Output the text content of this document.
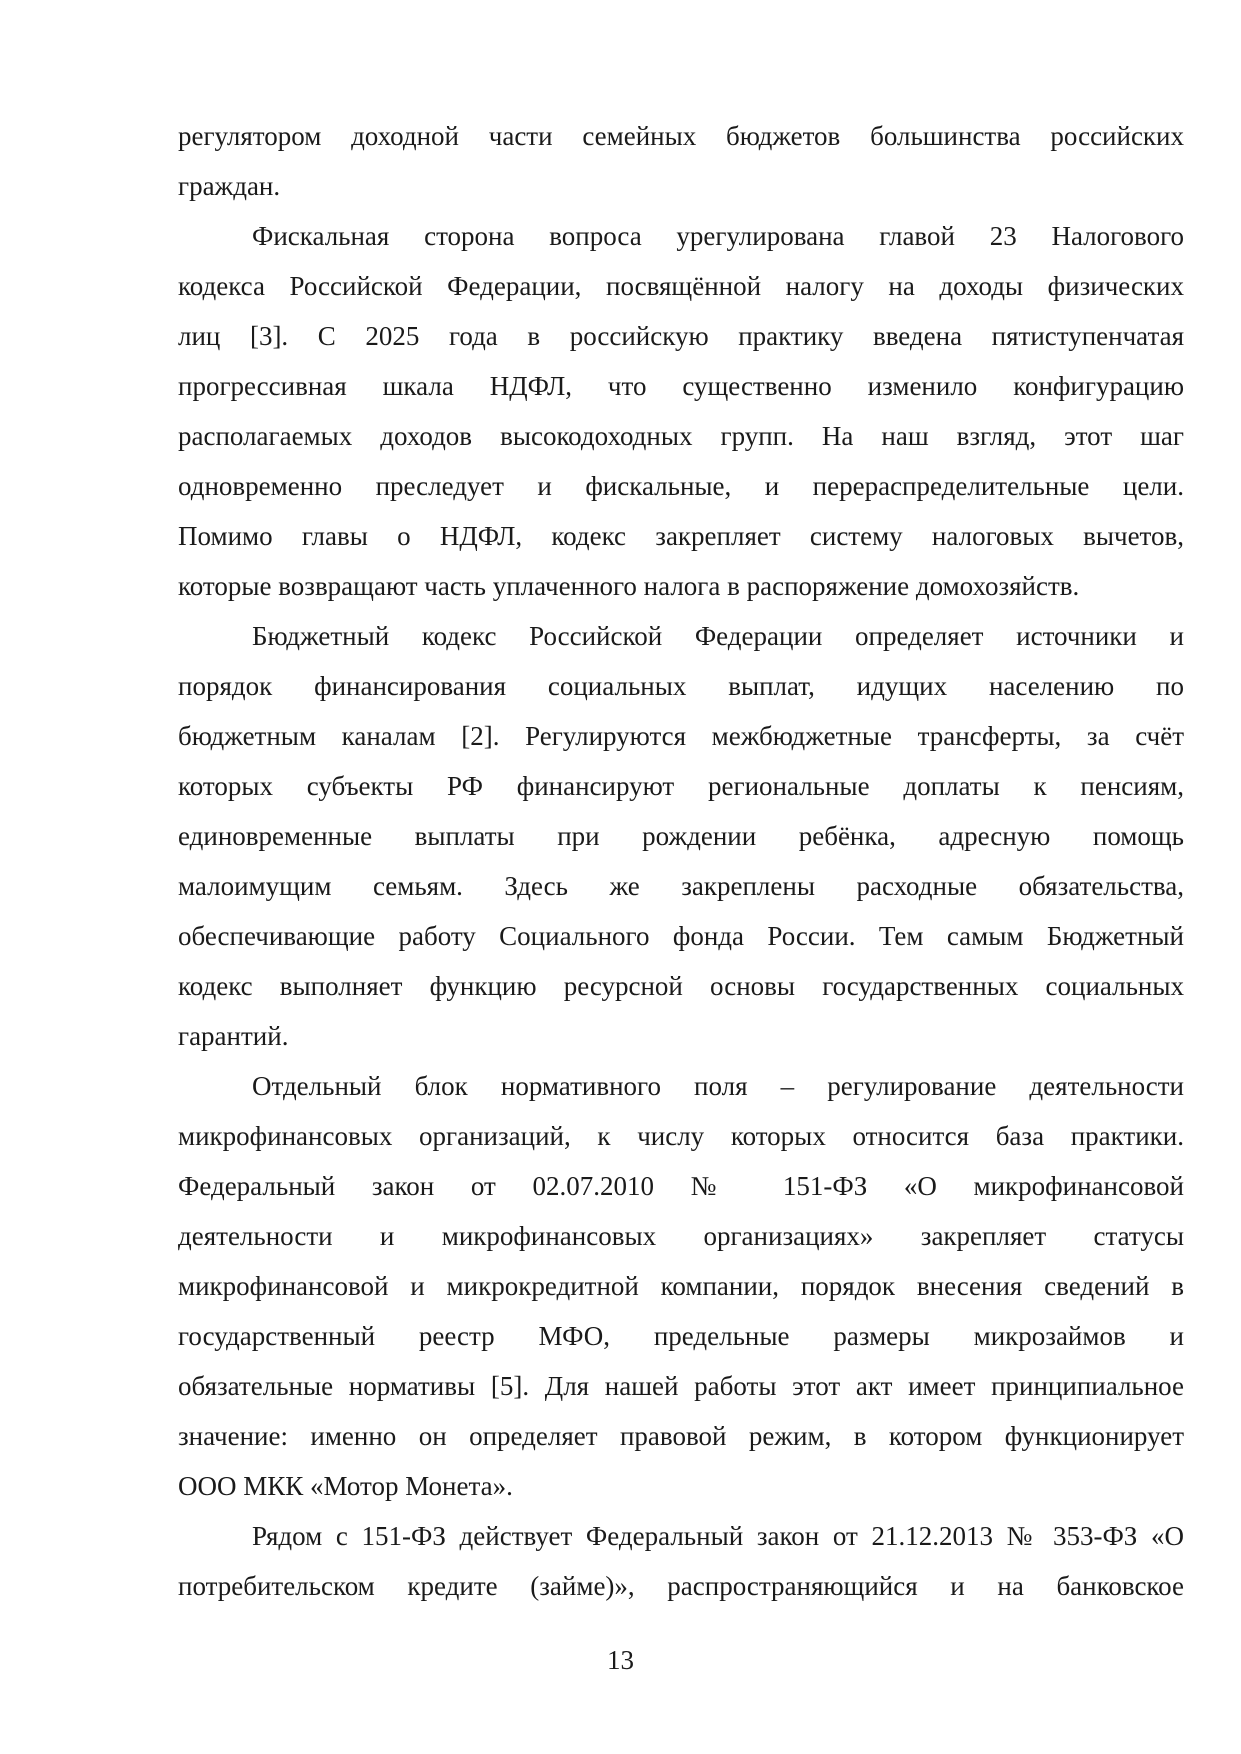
регулятором доходной части семейных бюджетов большинства российских
граждан.
Фискальная сторона вопроса урегулирована главой 23 Налогового
кодекса Российской Федерации, посвящённой налогу на доходы физических
лиц [3]. С 2025 года в российскую практику введена пятиступенчатая
прогрессивная шкала НДФЛ, что существенно изменило конфигурацию
располагаемых доходов высокодоходных групп. На наш взгляд, этот шаг
одновременно преследует и фискальные, и перераспределительные цели.
Помимо главы о НДФЛ, кодекс закрепляет систему налоговых вычетов,
которые возвращают часть уплаченного налога в распоряжение домохозяйств.
Бюджетный кодекс Российской Федерации определяет источники и
порядок финансирования социальных выплат, идущих населению по
бюджетным каналам [2]. Регулируются межбюджетные трансферты, за счёт
которых субъекты РФ финансируют региональные доплаты к пенсиям,
единовременные выплаты при рождении ребёнка, адресную помощь
малоимущим семьям. Здесь же закреплены расходные обязательства,
обеспечивающие работу Социального фонда России. Тем самым Бюджетный
кодекс выполняет функцию ресурсной основы государственных социальных
гарантий.
Отдельный блок нормативного поля – регулирование деятельности
микрофинансовых организаций, к числу которых относится база практики.
Федеральный закон от 02.07.2010 № 151-ФЗ «О микрофинансовой
деятельности и микрофинансовых организациях» закрепляет статусы
микрофинансовой и микрокредитной компании, порядок внесения сведений в
государственный реестр МФО, предельные размеры микрозаймов и
обязательные нормативы [5]. Для нашей работы этот акт имеет принципиальное
значение: именно он определяет правовой режим, в котором функционирует
ООО МКК «Мотор Монета».
Рядом с 151-ФЗ действует Федеральный закон от 21.12.2013 № 353-ФЗ «О
потребительском кредите (займе)», распространяющийся и на банковское
13
